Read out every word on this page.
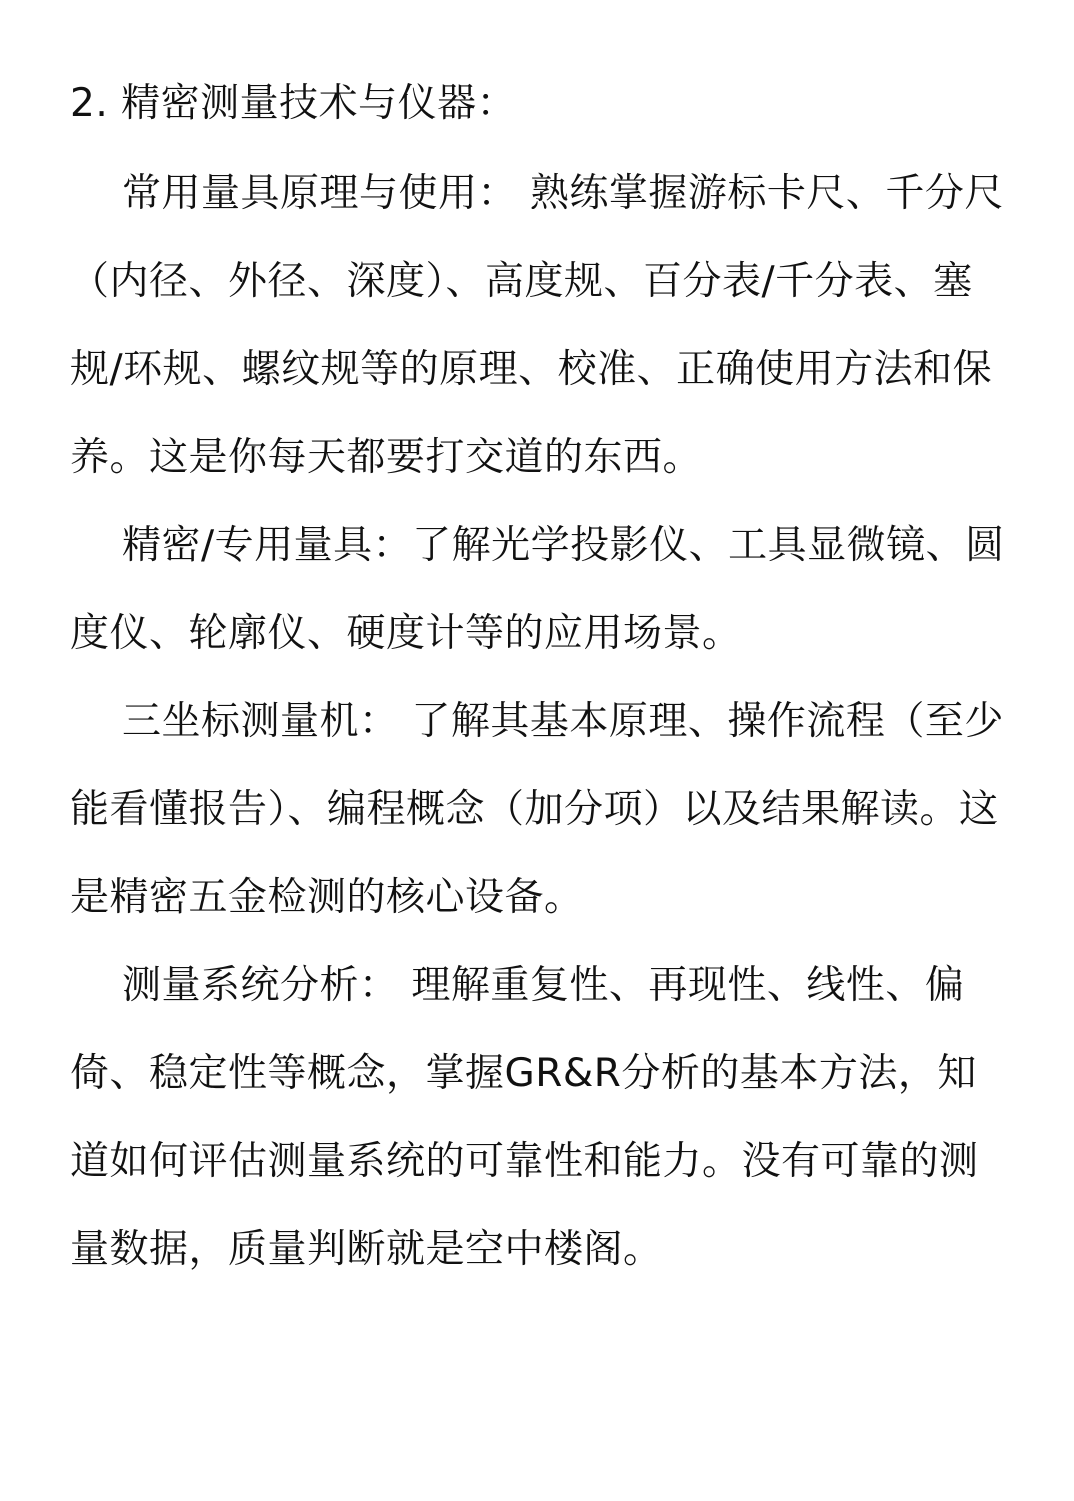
2. 精密测量技术与仪器：

常用量具原理与使用： 熟练掌握游标卡尺、千分尺（内径、外径、深度）、高度规、百分表/千分表、塞规/环规、螺纹规等的原理、校准、正确使用方法和保养。这是你每天都要打交道的东西。

精密/专用量具：了解光学投影仪、工具显微镜、圆度仪、轮廓仪、硬度计等的应用场景。

三坐标测量机： 了解其基本原理、操作流程（至少能看懂报告）、编程概念（加分项）以及结果解读。这是精密五金检测的核心设备。

测量系统分析： 理解重复性、再现性、线性、偏倚、稳定性等概念，掌握GR&R分析的基本方法，知道如何评估测量系统的可靠性和能力。没有可靠的测量数据，质量判断就是空中楼阁。
